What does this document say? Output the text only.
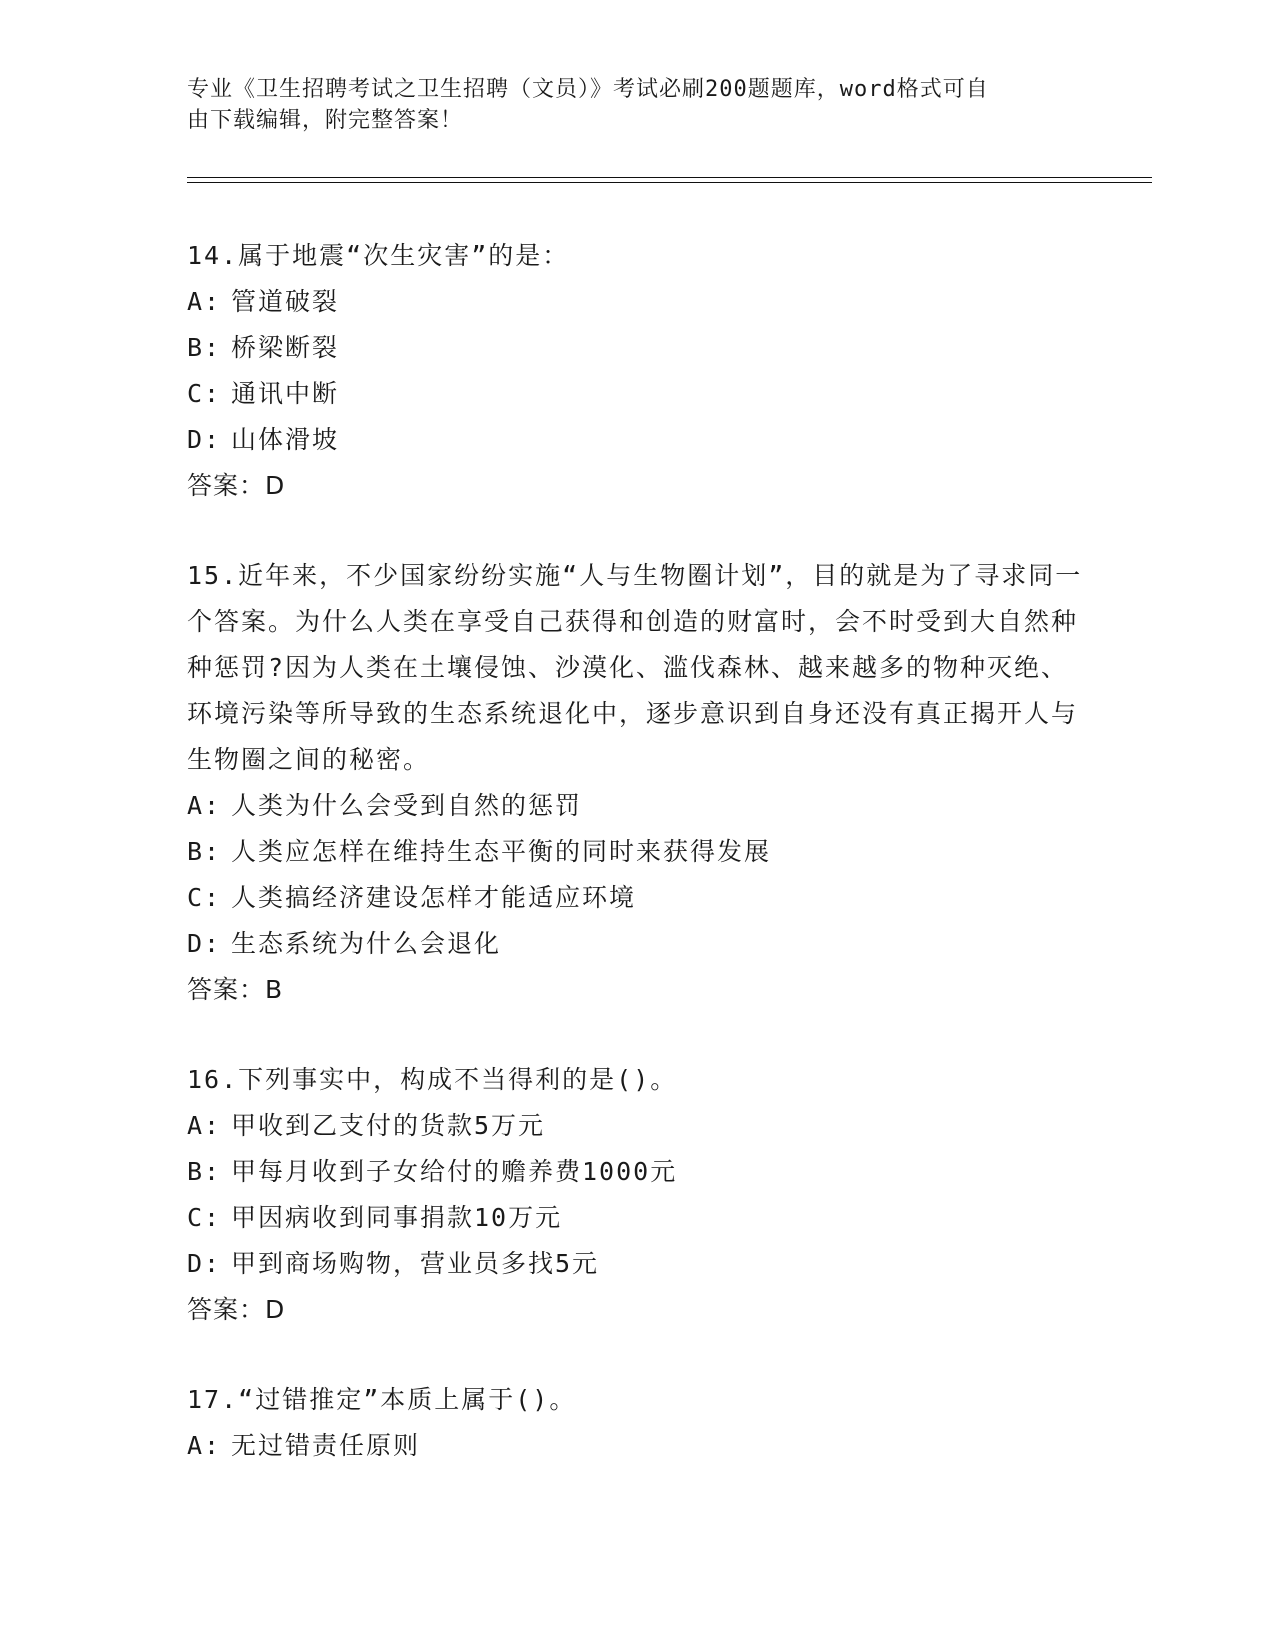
专业《卫生招聘考试之卫生招聘（文员）》考试必刷200题题库，word格式可自
由下载编辑，附完整答案！
14.属于地震“次生灾害”的是：
A: 管道破裂
B: 桥梁断裂
C: 通讯中断
D: 山体滑坡
答案：D
15.近年来，不少国家纷纷实施“人与生物圈计划”，目的就是为了寻求同一个答案。为什么人类在享受自己获得和创造的财富时，会不时受到大自然种种惩罚?因为人类在土壤侵蚀、沙漠化、滥伐森林、越来越多的物种灭绝、环境污染等所导致的生态系统退化中，逐步意识到自身还没有真正揭开人与生物圈之间的秘密。
A: 人类为什么会受到自然的惩罚
B: 人类应怎样在维持生态平衡的同时来获得发展
C: 人类搞经济建设怎样才能适应环境
D: 生态系统为什么会退化
答案：B
16.下列事实中，构成不当得利的是()。
A: 甲收到乙支付的货款5万元
B: 甲每月收到子女给付的赡养费1000元
C: 甲因病收到同事捐款10万元
D: 甲到商场购物，营业员多找5元
答案：D
17.“过错推定”本质上属于()。
A: 无过错责任原则
